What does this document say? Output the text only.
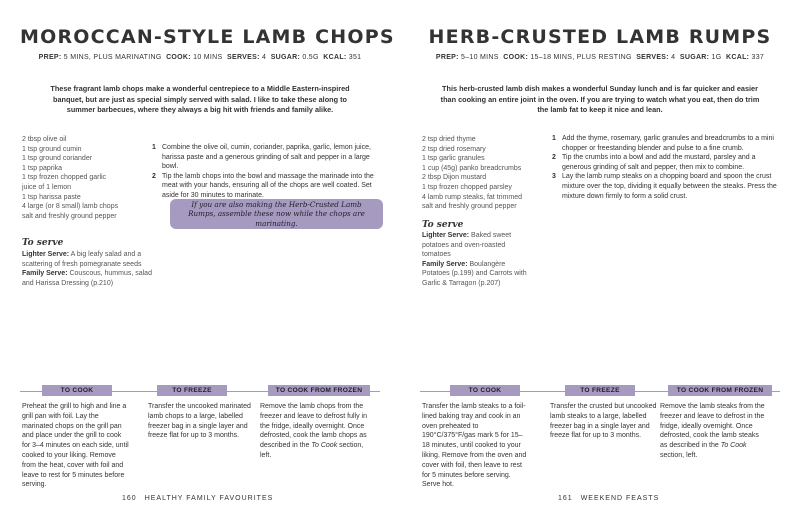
MOROCCAN-STYLE LAMB CHOPS
PREP: 5 MINS, PLUS MARINATING COOK: 10 MINS SERVES: 4 SUGAR: 0.5G KCAL: 351
These fragrant lamb chops make a wonderful centrepiece to a Middle Eastern-inspired banquet, but are just as special simply served with salad. I like to take these along to summer barbecues, where they always a big hit with friends and family alike.
2 tbsp olive oil
1 tsp ground cumin
1 tsp ground coriander
1 tsp paprika
1 tsp frozen chopped garlic
juice of 1 lemon
1 tsp harissa paste
4 large (or 8 small) lamb chops
salt and freshly ground pepper
1 Combine the olive oil, cumin, coriander, paprika, garlic, lemon juice, harissa paste and a generous grinding of salt and pepper in a large bowl.
2 Tip the lamb chops into the bowl and massage the marinade into the meat with your hands, ensuring all of the chops are well coated. Set aside for 30 minutes to marinate.
If you are also making the Herb-Crusted Lamb Rumps, assemble these now while the chops are marinating.
To serve
Lighter Serve: A big leafy salad and a scattering of fresh pomegranate seeds
Family Serve: Couscous, hummus, salad and Harissa Dressing (p.210)
TO COOK	TO FREEZE	TO COOK FROM FROZEN
Preheat the grill to high and line a grill pan with foil. Lay the marinated chops on the grill pan and place under the grill to cook for 3–4 minutes on each side, until cooked to your liking. Remove from the heat, cover with foil and leave to rest for 5 minutes before serving.
Transfer the uncooked marinated lamb chops to a large, labelled freezer bag in a single layer and freeze flat for up to 3 months.
Remove the lamb chops from the freezer and leave to defrost fully in the fridge, ideally overnight. Once defrosted, cook the lamb chops as described in the To Cook section, left.
160 HEALTHY FAMILY FAVOURITES
HERB-CRUSTED LAMB RUMPS
PREP: 5–10 MINS COOK: 15–18 MINS, PLUS RESTING SERVES: 4 SUGAR: 1G KCAL: 337
This herb-crusted lamb dish makes a wonderful Sunday lunch and is far quicker and easier than cooking an entire joint in the oven. If you are trying to watch what you eat, then do trim the lamb fat to keep it nice and lean.
2 tsp dried thyme
2 tsp dried rosemary
1 tsp garlic granules
1 cup (45g) panko breadcrumbs
2 tbsp Dijon mustard
1 tsp frozen chopped parsley
4 lamb rump steaks, fat trimmed
salt and freshly ground pepper
1 Add the thyme, rosemary, garlic granules and breadcrumbs to a mini chopper or freestanding blender and pulse to a fine crumb.
2 Tip the crumbs into a bowl and add the mustard, parsley and a generous grinding of salt and pepper, then mix to combine.
3 Lay the lamb rump steaks on a chopping board and spoon the crust mixture over the top, dividing it equally between the steaks. Press the mixture down firmly to form a solid crust.
To serve
Lighter Serve: Baked sweet potatoes and oven-roasted tomatoes
Family Serve: Boulangère Potatoes (p.199) and Carrots with Garlic & Tarragon (p.207)
TO COOK	TO FREEZE	TO COOK FROM FROZEN
Transfer the lamb steaks to a foil-lined baking tray and cook in an oven preheated to 190°C/375°F/gas mark 5 for 15–18 minutes, until cooked to your liking. Remove from the oven and cover with foil, then leave to rest for 5 minutes before serving. Serve hot.
Transfer the crusted but uncooked lamb steaks to a large, labelled freezer bag in a single layer and freeze flat for up to 3 months.
Remove the lamb steaks from the freezer and leave to defrost in the fridge, ideally overnight. Once defrosted, cook the lamb steaks as described in the To Cook section, left.
161 WEEKEND FEASTS
